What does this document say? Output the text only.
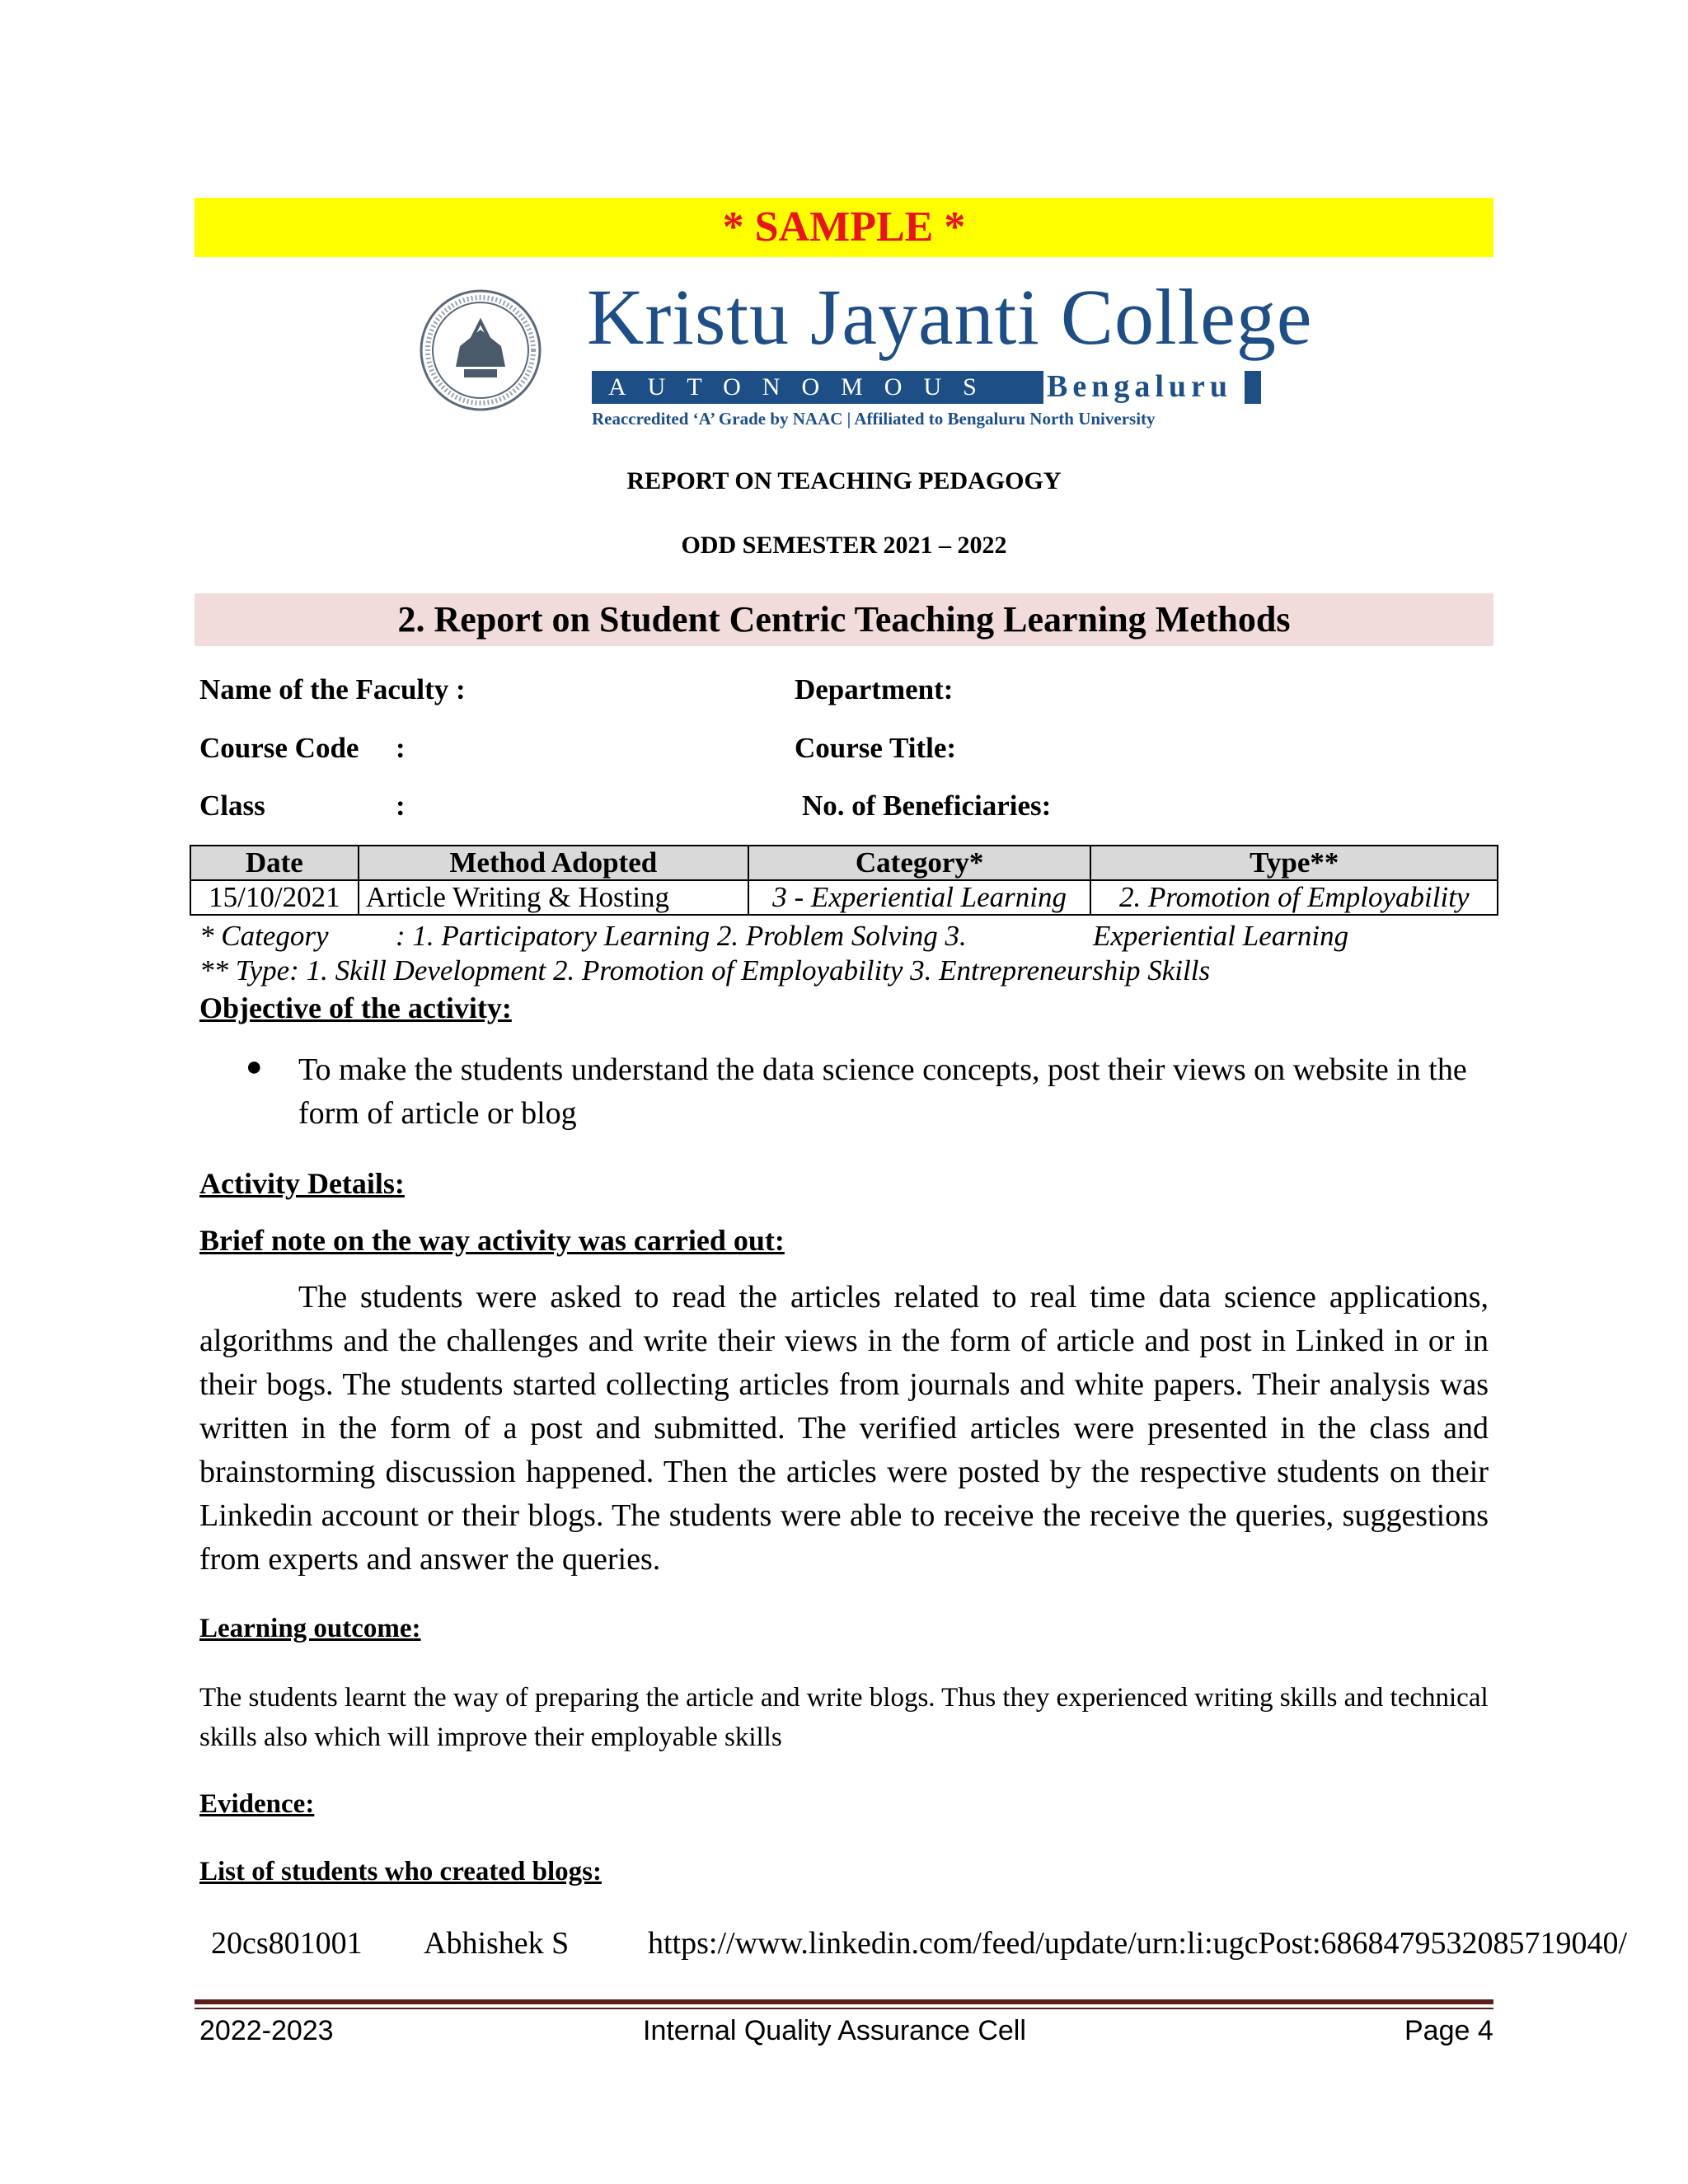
* SAMPLE *
Kristu Jayanti College
AUTONOMOUS	Bengaluru
Reaccredited ‘A’ Grade by NAAC | Affiliated to Bengaluru North University
REPORT ON TEACHING PEDAGOGY
ODD SEMESTER 2021 – 2022
2. Report on Student Centric Teaching Learning Methods
Name of the Faculty :	Department:
Course Code :	Course Title:
Class	:	No. of Beneficiaries:
Date	Method Adopted	Category*	Type**
15/10/2021	Article Writing & Hosting	3 - Experiential Learning	2. Promotion of Employability
* Category : 1. Participatory Learning 2. Problem Solving 3.	Experiential Learning
** Type: 1. Skill Development 2. Promotion of Employability 3. Entrepreneurship Skills
Objective of the activity:
● To make the students understand the data science concepts, post their views on website in the form of article or blog
Activity Details:
Brief note on the way activity was carried out:
The students were asked to read the articles related to real time data science applications, algorithms and the challenges and write their views in the form of article and post in Linked in or in their bogs. The students started collecting articles from journals and white papers. Their analysis was written in the form of a post and submitted. The verified articles were presented in the class and brainstorming discussion happened. Then the articles were posted by the respective students on their Linkedin account or their blogs. The students were able to receive the receive the queries, suggestions from experts and answer the queries.
Learning outcome:
The students learnt the way of preparing the article and write blogs. Thus they experienced writing skills and technical skills also which will improve their employable skills
Evidence:
List of students who created blogs:
20cs801001 Abhishek S	https://www.linkedin.com/feed/update/urn:li:ugcPost:6868479532085719040/
2022-2023	Internal Quality Assurance Cell	Page 4
